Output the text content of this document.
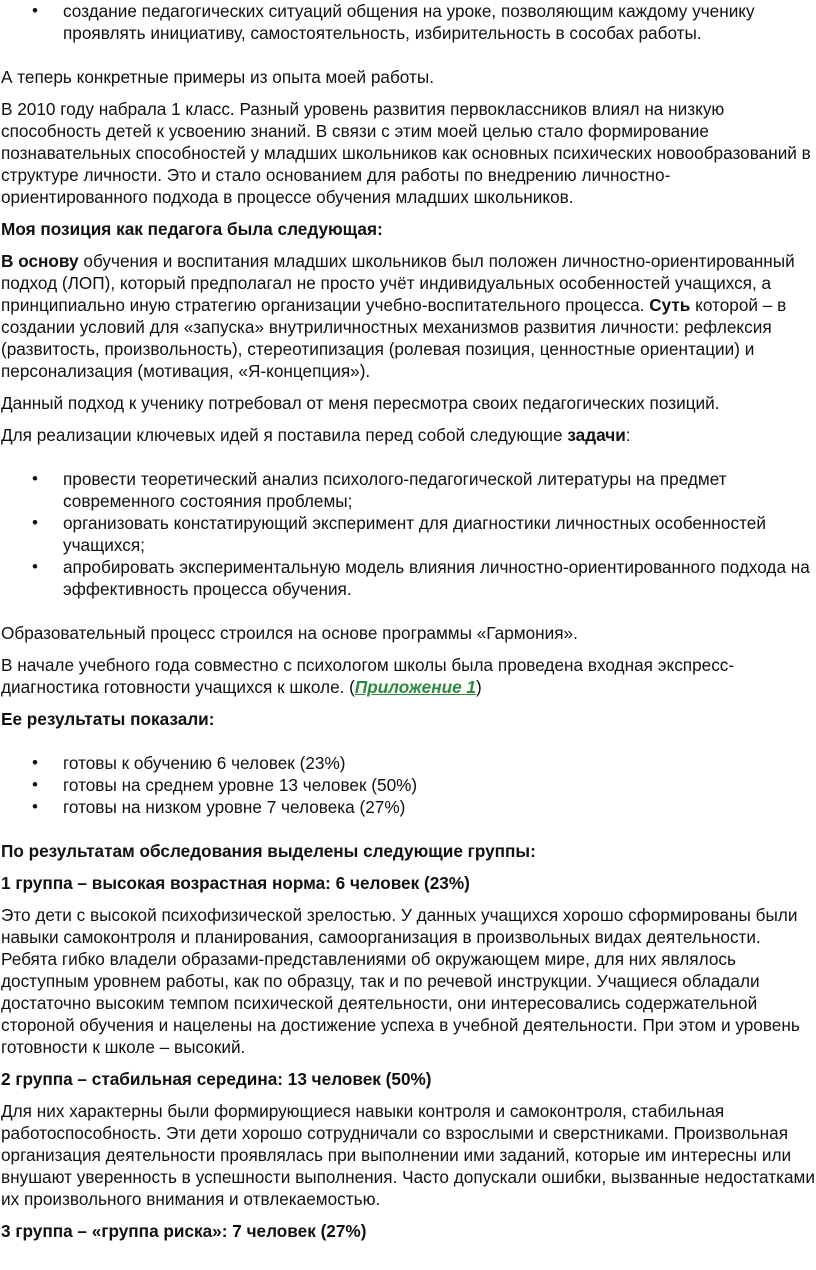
• создание педагогических ситуаций общения на уроке, позволяющим каждому ученику проявлять инициативу, самостоятельность, избирительность в сособах работы.

А теперь конкретные примеры из опыта моей работы.

В 2010 году набрала 1 класс. Разный уровень развития первоклассников влиял на низкую способность детей к усвоению знаний. В связи с этим моей целью стало формирование познавательных способностей у младших школьников как основных психических новообразований в структуре личности. Это и стало основанием для работы по внедрению личностно-ориентированного подхода в процессе обучения младших школьников.

Моя позиция как педагога была следующая:

В основу обучения и воспитания младших школьников был положен личностно-ориентированный подход (ЛОП), который предполагал не просто учёт индивидуальных особенностей учащихся, а принципиально иную стратегию организации учебно-воспитательного процесса. Суть которой – в создании условий для «запуска» внутриличностных механизмов развития личности: рефлексия (развитость, произвольность), стереотипизация (ролевая позиция, ценностные ориентации) и персонализация (мотивация, «Я-концепция»).

Данный подход к ученику потребовал от меня пересмотра своих педагогических позиций.

Для реализации ключевых идей я поставила перед собой следующие задачи:

• провести теоретический анализ психолого-педагогической литературы на предмет современного состояния проблемы;
• организовать констатирующий эксперимент для диагностики личностных особенностей учащихся;
• апробировать экспериментальную модель влияния личностно-ориентированного подхода на эффективность процесса обучения.

Образовательный процесс строился на основе программы «Гармония».

В начале учебного года совместно с психологом школы была проведена входная экспресс-диагностика готовности учащихся к школе. (Приложение 1)

Ее результаты показали:

• готовы к обучению 6 человек (23%)
• готовы на среднем уровне 13 человек (50%)
• готовы на низком уровне 7 человека (27%)

По результатам обследования выделены следующие группы:

1 группа – высокая возрастная норма: 6 человек (23%)

Это дети с высокой психофизической зрелостью. У данных учащихся хорошо сформированы были навыки самоконтроля и планирования, самоорганизация в произвольных видах деятельности. Ребята гибко владели образами-представлениями об окружающем мире, для них являлось доступным уровнем работы, как по образцу, так и по речевой инструкции. Учащиеся обладали достаточно высоким темпом психической деятельности, они интересовались содержательной стороной обучения и нацелены на достижение успеха в учебной деятельности. При этом и уровень готовности к школе – высокий.

2 группа – стабильная середина: 13 человек (50%)

Для них характерны были формирующиеся навыки контроля и самоконтроля, стабильная работоспособность. Эти дети хорошо сотрудничали со взрослыми и сверстниками. Произвольная организация деятельности проявлялась при выполнении ими заданий, которые им интересны или внушают уверенность в успешности выполнения. Часто допускали ошибки, вызванные недостатками их произвольного внимания и отвлекаемостью.

3 группа – «группа риска»: 7 человек (27%)
